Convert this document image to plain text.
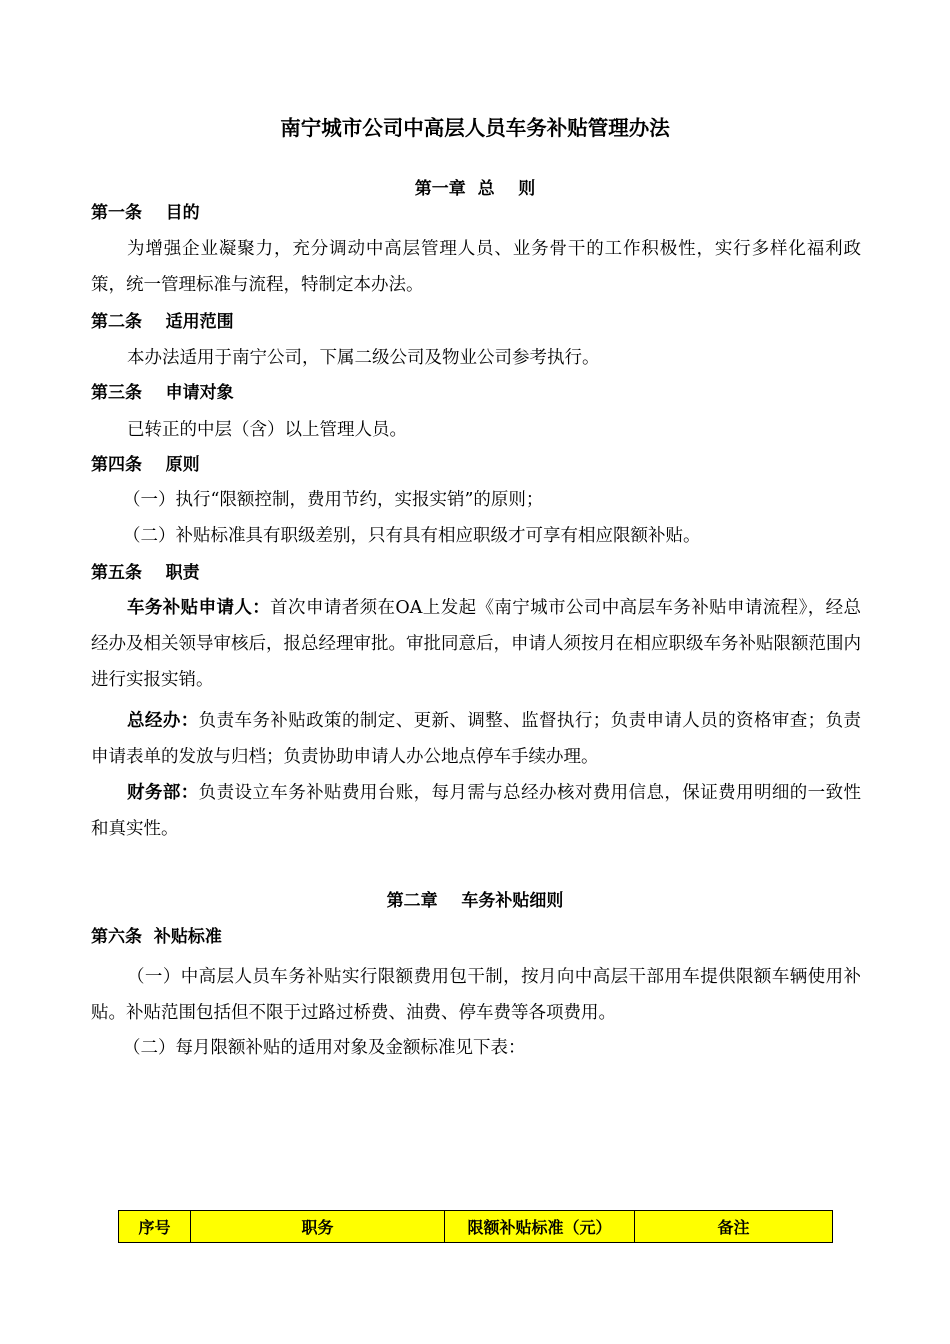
南宁城市公司中高层人员车务补贴管理办法
第一章  总    则
第一条    目的
为增强企业凝聚力，充分调动中高层管理人员、业务骨干的工作积极性，实行多样化福利政策，统一管理标准与流程，特制定本办法。
第二条    适用范围
本办法适用于南宁公司，下属二级公司及物业公司参考执行。
第三条    申请对象
已转正的中层（含）以上管理人员。
第四条    原则
（一）执行“限额控制，费用节约，实报实销”的原则；
（二）补贴标准具有职级差别，只有具有相应职级才可享有相应限额补贴。
第五条    职责
车务补贴申请人：首次申请者须在OA上发起《南宁城市公司中高层车务补贴申请流程》，经总经办及相关领导审核后，报总经理审批。审批同意后，申请人须按月在相应职级车务补贴限额范围内进行实报实销。
总经办：负责车务补贴政策的制定、更新、调整、监督执行；负责申请人员的资格审查；负责申请表单的发放与归档；负责协助申请人办公地点停车手续办理。
财务部：负责设立车务补贴费用台账，每月需与总经办核对费用信息，保证费用明细的一致性和真实性。
第二章    车务补贴细则
第六条  补贴标准
（一）中高层人员车务补贴实行限额费用包干制，按月向中高层干部用车提供限额车辆使用补贴。补贴范围包括但不限于过路过桥费、油费、停车费等各项费用。
（二）每月限额补贴的适用对象及金额标准见下表：
序号	职务	限额补贴标准（元）	备注
